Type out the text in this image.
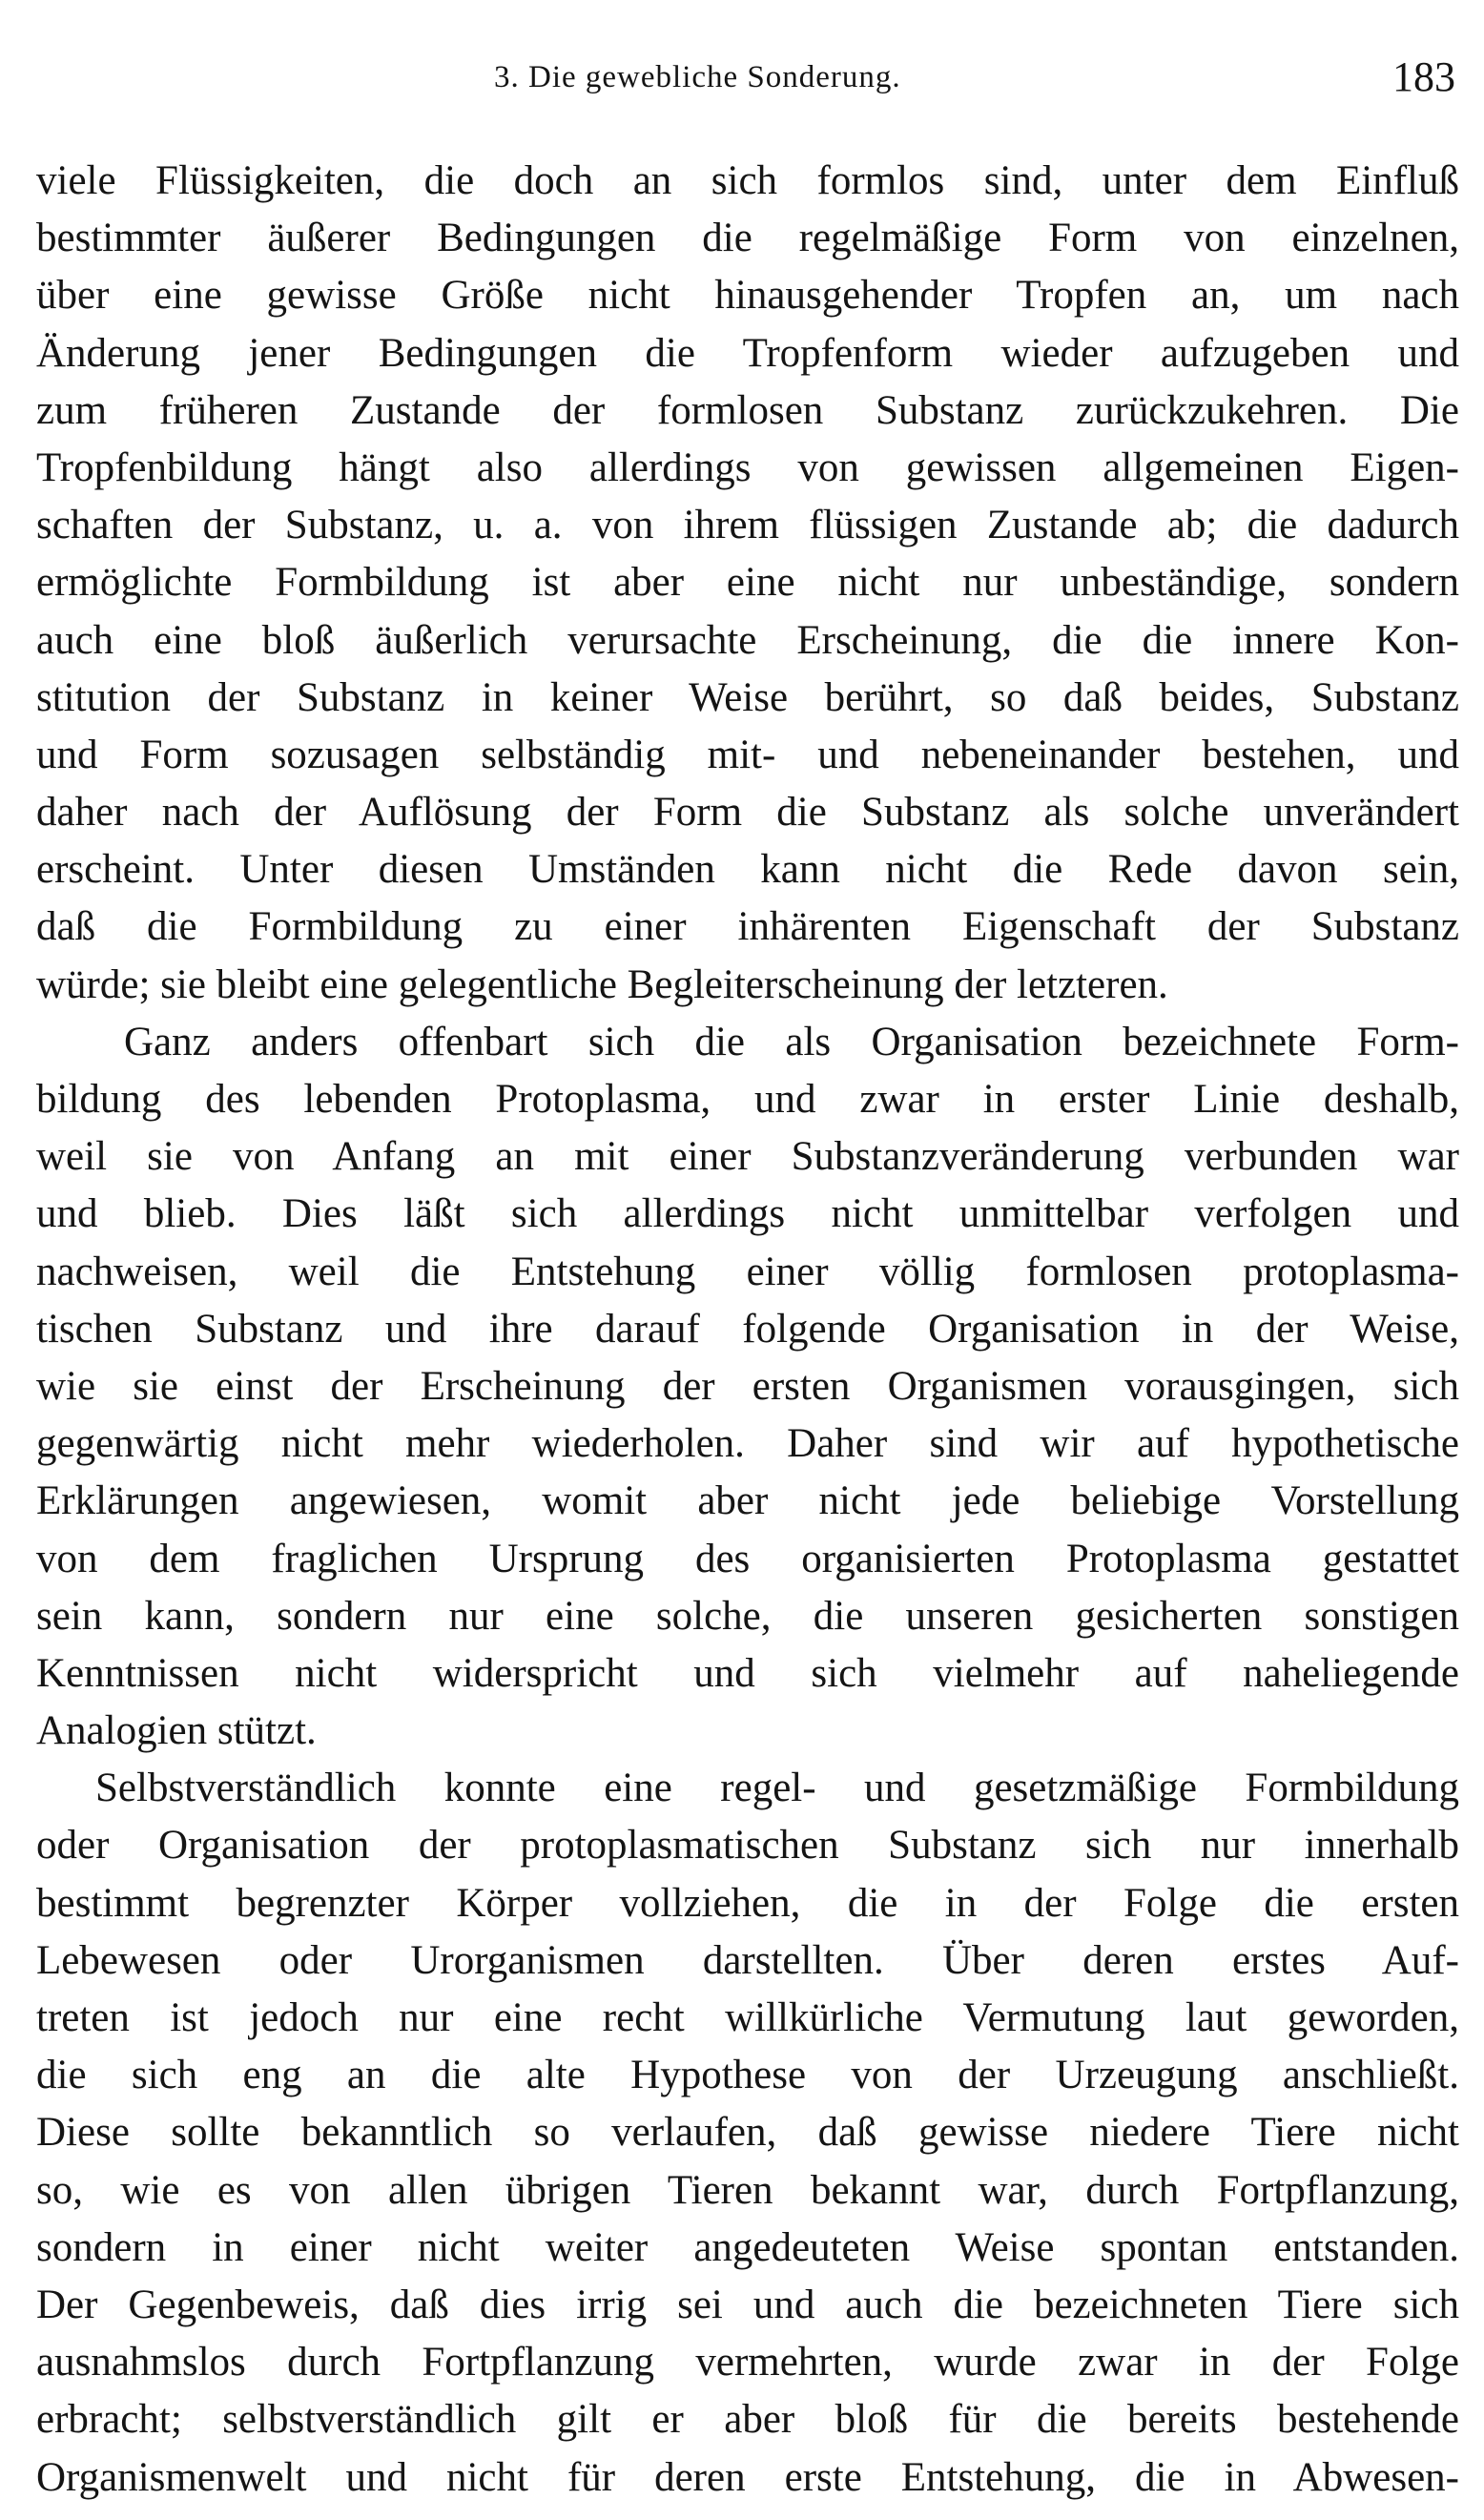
3. Die gewebliche Sonderung.	183
viele Flüssigkeiten, die doch an sich formlos sind, unter dem Einfluß
bestimmter äußerer Bedingungen die regelmäßige Form von einzelnen,
über eine gewisse Größe nicht hinausgehender Tropfen an, um nach
Änderung jener Bedingungen die Tropfenform wieder aufzugeben und
zum früheren Zustande der formlosen Substanz zurückzukehren. Die
Tropfenbildung hängt also allerdings von gewissen allgemeinen Eigen-
schaften der Substanz, u. a. von ihrem flüssigen Zustande ab; die dadurch
ermöglichte Formbildung ist aber eine nicht nur unbeständige, sondern
auch eine bloß äußerlich verursachte Erscheinung, die die innere Kon-
stitution der Substanz in keiner Weise berührt, so daß beides, Substanz
und Form sozusagen selbständig mit- und nebeneinander bestehen, und
daher nach der Auflösung der Form die Substanz als solche unverändert
erscheint. Unter diesen Umständen kann nicht die Rede davon sein,
daß die Formbildung zu einer inhärenten Eigenschaft der Substanz
würde; sie bleibt eine gelegentliche Begleiterscheinung der letzteren.
Ganz anders offenbart sich die als Organisation bezeichnete Form-
bildung des lebenden Protoplasma, und zwar in erster Linie deshalb,
weil sie von Anfang an mit einer Substanzveränderung verbunden war
und blieb. Dies läßt sich allerdings nicht unmittelbar verfolgen und
nachweisen, weil die Entstehung einer völlig formlosen protoplasma-
tischen Substanz und ihre darauf folgende Organisation in der Weise,
wie sie einst der Erscheinung der ersten Organismen vorausgingen, sich
gegenwärtig nicht mehr wiederholen. Daher sind wir auf hypothetische
Erklärungen angewiesen, womit aber nicht jede beliebige Vorstellung
von dem fraglichen Ursprung des organisierten Protoplasma gestattet
sein kann, sondern nur eine solche, die unseren gesicherten sonstigen
Kenntnissen nicht widerspricht und sich vielmehr auf naheliegende
Analogien stützt.
Selbstverständlich konnte eine regel- und gesetzmäßige Formbildung
oder Organisation der protoplasmatischen Substanz sich nur innerhalb
bestimmt begrenzter Körper vollziehen, die in der Folge die ersten
Lebewesen oder Urorganismen darstellten. Über deren erstes Auf-
treten ist jedoch nur eine recht willkürliche Vermutung laut geworden,
die sich eng an die alte Hypothese von der Urzeugung anschließt.
Diese sollte bekanntlich so verlaufen, daß gewisse niedere Tiere nicht
so, wie es von allen übrigen Tieren bekannt war, durch Fortpflanzung,
sondern in einer nicht weiter angedeuteten Weise spontan entstanden.
Der Gegenbeweis, daß dies irrig sei und auch die bezeichneten Tiere sich
ausnahmslos durch Fortpflanzung vermehrten, wurde zwar in der Folge
erbracht; selbstverständlich gilt er aber bloß für die bereits bestehende
Organismenwelt und nicht für deren erste Entstehung, die in Abwesen-
